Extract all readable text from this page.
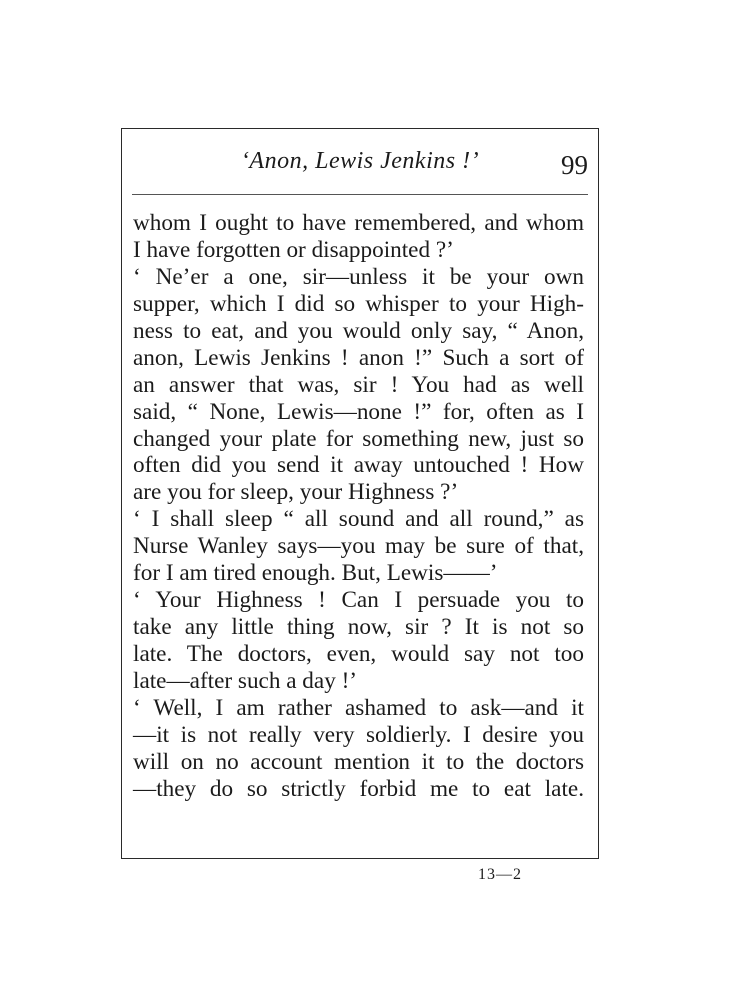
‘Anon, Lewis Jenkins !’	99
whom I ought to have remembered, and whom
I have forgotten or disappointed ?’
‘ Ne’er a one, sir—unless it be your own
supper, which I did so whisper to your High-
ness to eat, and you would only say, “ Anon,
anon, Lewis Jenkins ! anon !” Such a sort of
an answer that was, sir ! You had as well
said, “ None, Lewis—none !” for, often as I
changed your plate for something new, just so
often did you send it away untouched ! How
are you for sleep, your Highness ?’
‘ I shall sleep “ all sound and all round,” as
Nurse Wanley says—you may be sure of that,
for I am tired enough. But, Lewis——’
‘ Your Highness ! Can I persuade you to
take any little thing now, sir ? It is not so
late. The doctors, even, would say not too
late—after such a day !’
‘ Well, I am rather ashamed to ask—and it
—it is not really very soldierly. I desire you
will on no account mention it to the doctors
—they do so strictly forbid me to eat late.
13—2
